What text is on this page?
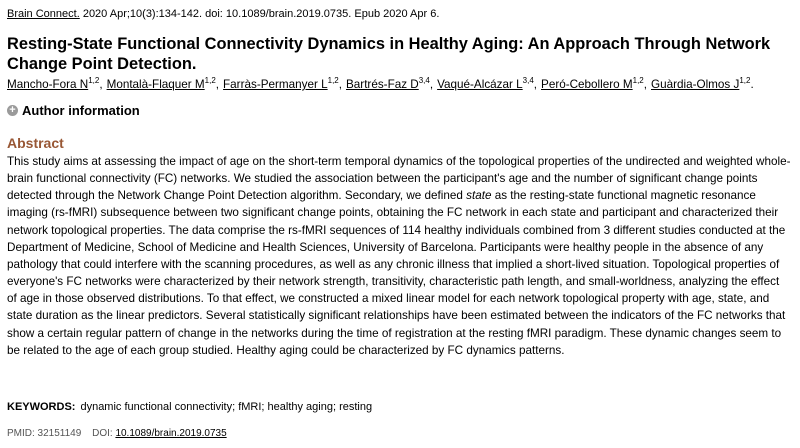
Brain Connect. 2020 Apr;10(3):134-142. doi: 10.1089/brain.2019.0735. Epub 2020 Apr 6.
Resting-State Functional Connectivity Dynamics in Healthy Aging: An Approach Through Network Change Point Detection.
Mancho-Fora N$^{1,2}$, Montalà-Flaquer M$^{1,2}$, Farràs-Permanyer L$^{1,2}$, Bartrés-Faz D$^{3,4}$, Vaqué-Alcázar L$^{3,4}$, Peró-Cebollero M$^{1,2}$, Guàrdia-Olmos J$^{1,2}$.
+ Author information
Abstract

This study aims at assessing the impact of age on the short-term temporal dynamics of the topological properties of the undirected and weighted whole-brain functional connectivity (FC) networks. We studied the association between the participant's age and the number of significant change points detected through the Network Change Point Detection algorithm. Secondary, we defined state as the resting-state functional magnetic resonance imaging (rs-fMRI) subsequence between two significant change points, obtaining the FC network in each state and participant and characterized their network topological properties. The data comprise the rs-fMRI sequences of 114 healthy individuals combined from 3 different studies conducted at the Department of Medicine, School of Medicine and Health Sciences, University of Barcelona. Participants were healthy people in the absence of any pathology that could interfere with the scanning procedures, as well as any chronic illness that implied a short-lived situation. Topological properties of everyone's FC networks were characterized by their network strength, transitivity, characteristic path length, and small-worldness, analyzing the effect of age in those observed distributions. To that effect, we constructed a mixed linear model for each network topological property with age, state, and state duration as the linear predictors. Several statistically significant relationships have been estimated between the indicators of the FC networks that show a certain regular pattern of change in the networks during the time of registration at the resting fMRI paradigm. These dynamic changes seem to be related to the age of each group studied. Healthy aging could be characterized by FC dynamics patterns.

KEYWORDS: dynamic functional connectivity; fMRI; healthy aging; resting
PMID: 32151149 DOI: 10.1089/brain.2019.0735
